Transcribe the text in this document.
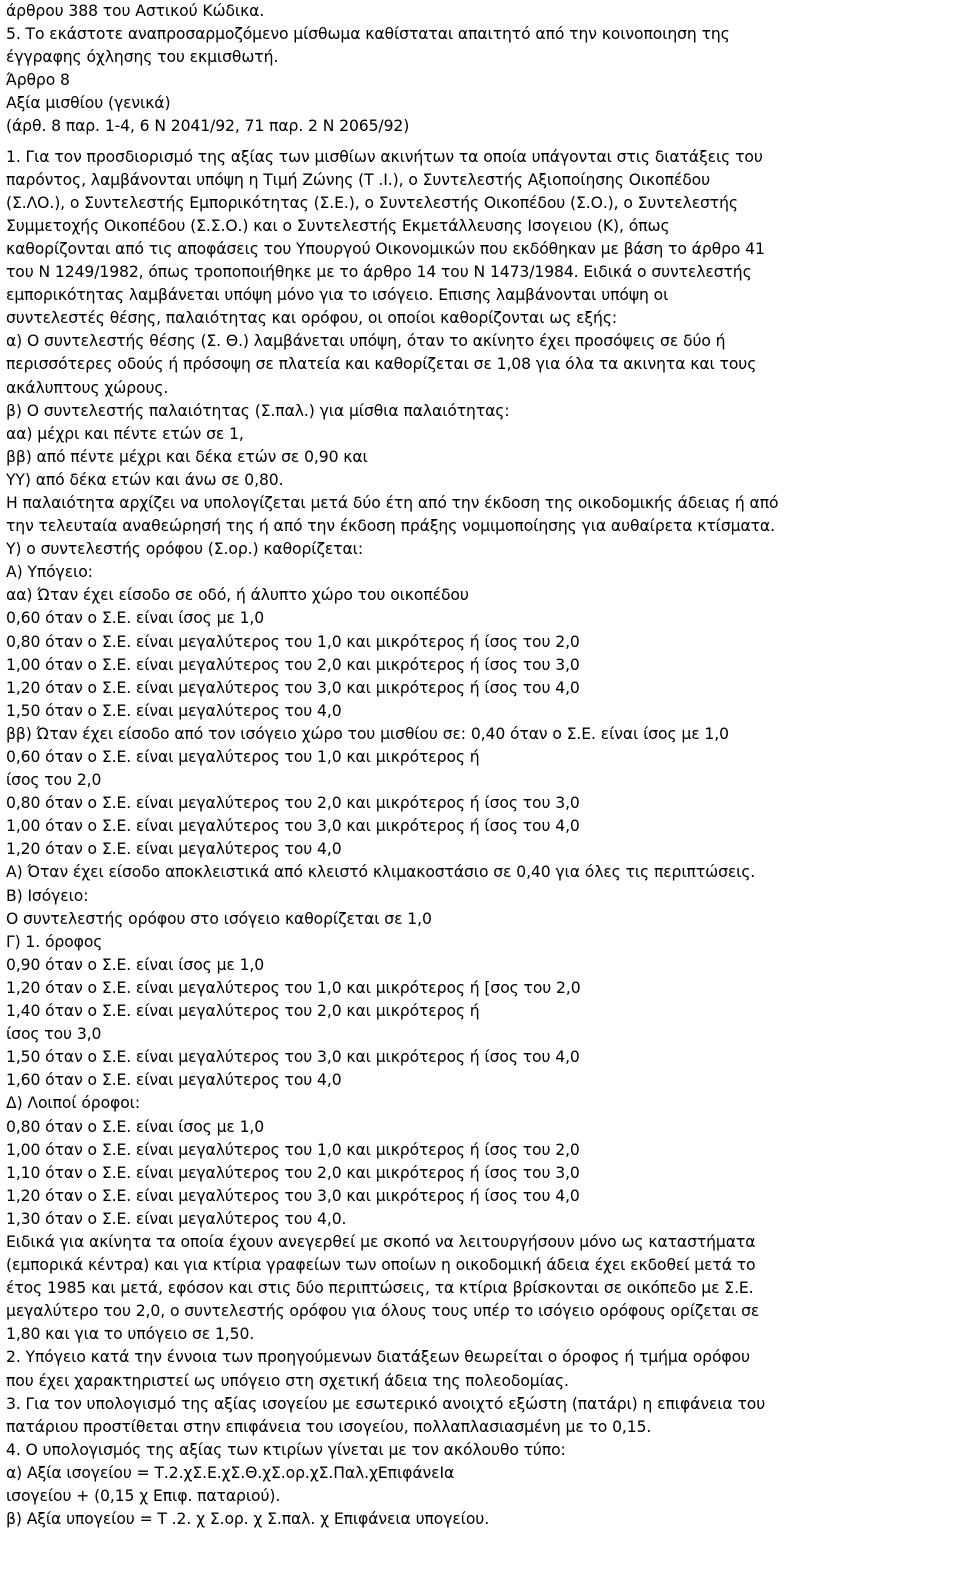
άρθρου 388 του Αστικού Κώδικα.
5. Το εκάστοτε αναπροσαρμοζόμενο μίσθωμα καθίσταται απαιτητό από την κοινοποιηση της
έγγραφης όχλησης του εκμισθωτή.
Άρθρο 8
Αξία μισθίου (γενικά)
(άρθ. 8 παρ. 1-4, 6 Ν 2041/92, 71 παρ. 2 Ν 2065/92)
1. Για τον προσδιορισμό της αξίας των μισθίων ακινήτων τα οποία υπάγονται στις διατάξεις του
παρόντος, λαμβάνονται υπόψη η Τιμή Ζώνης (Τ .Ι.), ο Συντελεστής Αξιοποίησης Οικοπέδου
(Σ.ΛΟ.), ο Συντελεστής Εμπορικότητας (Σ.Ε.), ο Συντελεστής Οικοπέδου (Σ.Ο.), ο Συντελεστής
Συμμετοχής Οικοπέδου (Σ.Σ.Ο.) και ο Συντελεστής Εκμετάλλευσης Ισογειου (Κ), όπως
καθορίζονται από τις αποφάσεις του Υπουργού Οικονομικών που εκδόθηκαν με βάση το άρθρο 41
του Ν 1249/1982, όπως τροποποιήθηκε με το άρθρο 14 του Ν 1473/1984. Ειδικά ο συντελεστής
εμπορικότητας λαμβάνεται υπόψη μόνο για το ισόγειο. Επισης λαμβάνονται υπόψη οι
συντελεστές θέσης, παλαιότητας και ορόφου, οι οποίοι καθορίζονται ως εξής:
α) Ο συντελεστής θέσης (Σ. Θ.) λαμβάνεται υπόψη, όταν το ακίνητο έχει προσόψεις σε δύο ή
περισσότερες οδούς ή πρόσοψη σε πλατεία και καθορίζεται σε 1,08 για όλα τα ακινητα και τους
ακάλυπτους χώρους.
β) Ο συντελεστής παλαιότητας (Σ.παλ.) για μίσθια παλαιότητας:
αα) μέχρι και πέντε ετών σε 1,
ββ) από πέντε μέχρι και δέκα ετών σε 0,90 και
YY) από δέκα ετών και άνω σε 0,80.
Η παλαιότητα αρχίζει να υπολογίζεται μετά δύο έτη από την έκδοση της οικοδομικής άδειας ή από
την τελευταία αναθεώρησή της ή από την έκδοση πράξης νομιμοποίησης για αυθαίρετα κτίσματα.
Y) ο συντελεστής ορόφου (Σ.ορ.) καθορίζεται:
Α) Υπόγειο:
αα) Ώταν έχει είσοδο σε οδό, ή άλυπτο χώρο του οικοπέδου
0,60 όταν ο Σ.Ε. είναι ίσος με 1,0
0,80 όταν ο Σ.Ε. είναι μεγαλύτερος του 1,0 και μικρότερος ή ίσος του 2,0
1,00 όταν ο Σ.Ε. είναι μεγαλύτερος του 2,0 και μικρότερος ή ίσος του 3,0
1,20 όταν ο Σ.Ε. είναι μεγαλύτερος του 3,0 και μικρότερος ή ίσος του 4,0
1,50 όταν ο Σ.Ε. είναι μεγαλύτερος του 4,0
ββ) Ώταν έχει είσοδο από τον ισόγειο χώρο του μισθίου σε: 0,40 όταν ο Σ.Ε. είναι ίσος με 1,0
0,60 όταν ο Σ.Ε. είναι μεγαλύτερος του 1,0 και μικρότερος ή
ίσος του 2,0
0,80 όταν ο Σ.Ε. είναι μεγαλύτερος του 2,0 και μικρότερος ή ίσος του 3,0
1,00 όταν ο Σ.Ε. είναι μεγαλύτερος του 3,0 και μικρότερος ή ίσος του 4,0
1,20 όταν ο Σ.Ε. είναι μεγαλύτερος του 4,0
Α) Όταν έχει είσοδο αποκλειστικά από κλειστό κλιμακοστάσιο σε 0,40 για όλες τις περιπτώσεις.
Β) Ισόγειο:
Ο συντελεστής ορόφου στο ισόγειο καθορίζεται σε 1,0
Γ) 1. όροφος
0,90 όταν ο Σ.Ε. είναι ίσος με 1,0
1,20 όταν ο Σ.Ε. είναι μεγαλύτερος του 1,0 και μικρότερος ή [σος του 2,0
1,40 όταν ο Σ.Ε. είναι μεγαλύτερος του 2,0 και μικρότερος ή
ίσος του 3,0
1,50 όταν ο Σ.Ε. είναι μεγαλύτερος του 3,0 και μικρότερος ή ίσος του 4,0
1,60 όταν ο Σ.Ε. είναι μεγαλύτερος του 4,0
Δ) Λοιποί όροφοι:
0,80 όταν ο Σ.Ε. είναι ίσος με 1,0
1,00 όταν ο Σ.Ε. είναι μεγαλύτερος του 1,0 και μικρότερος ή ίσος του 2,0
1,10 όταν ο Σ.Ε. είναι μεγαλύτερος του 2,0 και μικρότερος ή ίσος του 3,0
1,20 όταν ο Σ.Ε. είναι μεγαλύτερος του 3,0 και μικρότερος ή ίσος του 4,0
1,30 όταν ο Σ.Ε. είναι μεγαλύτερος του 4,0.
Ειδικά για ακίνητα τα οποία έχουν ανεγερθεί με σκοπό να λειτουργήσουν μόνο ως καταστήματα
(εμπορικά κέντρα) και για κτίρια γραφείων των οποίων η οικοδομική άδεια έχει εκδοθεί μετά το
έτος 1985 και μετά, εφόσον και στις δύο περιπτώσεις, τα κτίρια βρίσκονται σε οικόπεδο με Σ.Ε.
μεγαλύτερο του 2,0, ο συντελεστής ορόφου για όλους τους υπέρ το ισόγειο ορόφους ορίζεται σε
1,80 και για το υπόγειο σε 1,50.
2. Υπόγειο κατά την έννοια των προηγούμενων διατάξεων θεωρείται ο όροφος ή τμήμα ορόφου
που έχει χαρακτηριστεί ως υπόγειο στη σχετική άδεια της πολεοδομίας.
3. Για τον υπολογισμό της αξίας ισογείου με εσωτερικό ανοιχτό εξώστη (πατάρι) η επιφάνεια του
πατάριου προστίθεται στην επιφάνεια του ισογείου, πολλαπλασιασμένη με το 0,15.
4. Ο υπολογισμός της αξίας των κτιρίων γίνεται με τον ακόλουθο τύπο:
α) Αξία ισογείου = Τ.2.χΣ.Ε.χΣ.Θ.χΣ.ορ.χΣ.Παλ.χΕπιφάνεΙα
ισογείου + (0,15 χ Επιφ. παταριού).
β) Αξία υπογείου = Τ .2. χ Σ.ορ. χ Σ.παλ. χ Επιφάνεια υπογείου.
